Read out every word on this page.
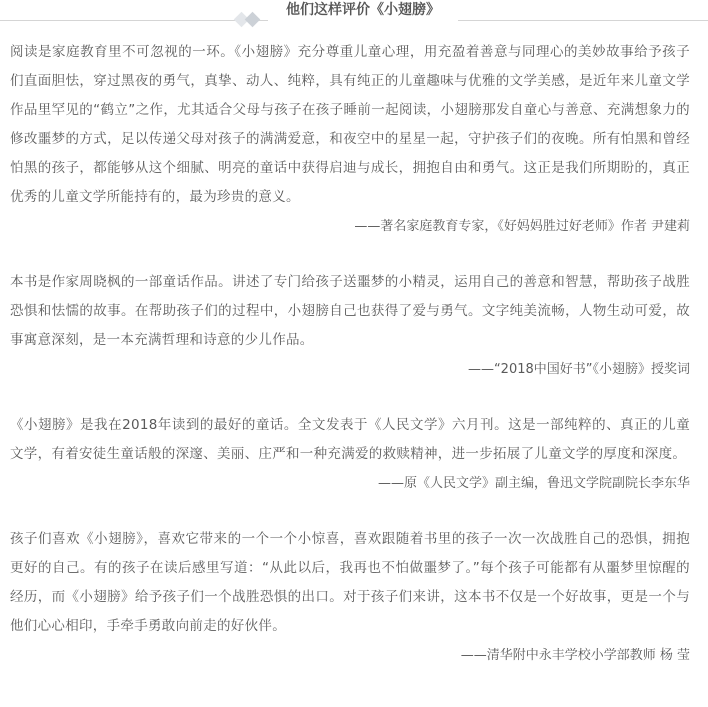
他们这样评价《小翅膀》

阅读是家庭教育里不可忽视的一环。《小翅膀》充分尊重儿童心理，用充盈着善意与同理心的美妙故事给予孩子们直面胆怯，穿过黑夜的勇气，真挚、动人、纯粹，具有纯正的儿童趣味与优雅的文学美感，是近年来儿童文学作品里罕见的“鹤立”之作，尤其适合父母与孩子在孩子睡前一起阅读，小翅膀那发自童心与善意、充满想象力的修改噩梦的方式，足以传递父母对孩子的满满爱意，和夜空中的星星一起，守护孩子们的夜晚。所有怕黑和曾经怕黑的孩子，都能够从这个细腻、明亮的童话中获得启迪与成长，拥抱自由和勇气。这正是我们所期盼的，真正优秀的儿童文学所能持有的，最为珍贵的意义。

——著名家庭教育专家，《好妈妈胜过好老师》作者 尹建莉

本书是作家周晓枫的一部童话作品。讲述了专门给孩子送噩梦的小精灵，运用自己的善意和智慧，帮助孩子战胜恐惧和怯懦的故事。在帮助孩子们的过程中，小翅膀自己也获得了爱与勇气。文字纯美流畅，人物生动可爱，故事寓意深刻，是一本充满哲理和诗意的少儿作品。

——“2018中国好书”《小翅膀》授奖词

《小翅膀》是我在2018年读到的最好的童话。全文发表于《人民文学》六月刊。这是一部纯粹的、真正的儿童文学，有着安徒生童话般的深邃、美丽、庄严和一种充满爱的救赎精神，进一步拓展了儿童文学的厚度和深度。

——原《人民文学》副主编，鲁迅文学院副院长李东华

孩子们喜欢《小翅膀》，喜欢它带来的一个一个小惊喜，喜欢跟随着书里的孩子一次一次战胜自己的恐惧，拥抱更好的自己。有的孩子在读后感里写道：“从此以后，我再也不怕做噩梦了。”每个孩子可能都有从噩梦里惊醒的经历，而《小翅膀》给予孩子们一个战胜恐惧的出口。对于孩子们来讲，这本书不仅是一个好故事，更是一个与他们心心相印，手牵手勇敢向前走的好伙伴。

——清华附中永丰学校小学部教师 杨 莹
